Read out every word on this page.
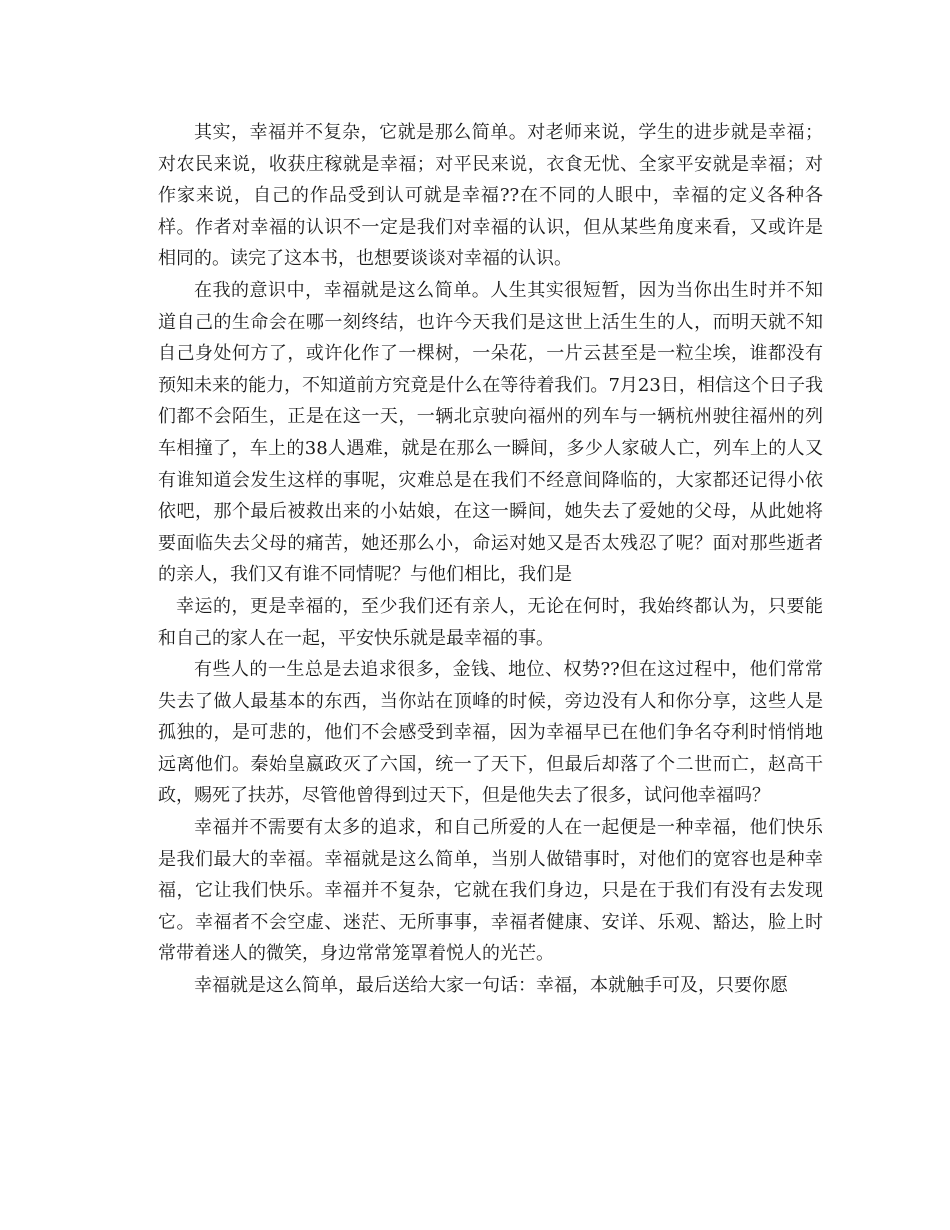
其实，幸福并不复杂，它就是那么简单。对老师来说，学生的进步就是幸福；对农民来说，收获庄稼就是幸福；对平民来说，衣食无忧、全家平安就是幸福；对作家来说，自己的作品受到认可就是幸福??在不同的人眼中，幸福的定义各种各样。作者对幸福的认识不一定是我们对幸福的认识，但从某些角度来看，又或许是相同的。读完了这本书，也想要谈谈对幸福的认识。

在我的意识中，幸福就是这么简单。人生其实很短暂，因为当你出生时并不知道自己的生命会在哪一刻终结，也许今天我们是这世上活生生的人，而明天就不知自己身处何方了，或许化作了一棵树，一朵花，一片云甚至是一粒尘埃，谁都没有预知未来的能力，不知道前方究竟是什么在等待着我们。7月23日，相信这个日子我们都不会陌生，正是在这一天，一辆北京驶向福州的列车与一辆杭州驶往福州的列车相撞了，车上的38人遇难，就是在那么一瞬间，多少人家破人亡，列车上的人又有谁知道会发生这样的事呢，灾难总是在我们不经意间降临的，大家都还记得小依依吧，那个最后被救出来的小姑娘，在这一瞬间，她失去了爱她的父母，从此她将要面临失去父母的痛苦，她还那么小，命运对她又是否太残忍了呢？面对那些逝者的亲人，我们又有谁不同情呢？与他们相比，我们是

幸运的，更是幸福的，至少我们还有亲人，无论在何时，我始终都认为，只要能和自己的家人在一起，平安快乐就是最幸福的事。

有些人的一生总是去追求很多，金钱、地位、权势??但在这过程中，他们常常失去了做人最基本的东西，当你站在顶峰的时候，旁边没有人和你分享，这些人是孤独的，是可悲的，他们不会感受到幸福，因为幸福早已在他们争名夺利时悄悄地远离他们。秦始皇嬴政灭了六国，统一了天下，但最后却落了个二世而亡，赵高干政，赐死了扶苏，尽管他曾得到过天下，但是他失去了很多，试问他幸福吗？

幸福并不需要有太多的追求，和自己所爱的人在一起便是一种幸福，他们快乐是我们最大的幸福。幸福就是这么简单，当别人做错事时，对他们的宽容也是种幸福，它让我们快乐。幸福并不复杂，它就在我们身边，只是在于我们有没有去发现它。幸福者不会空虚、迷茫、无所事事，幸福者健康、安详、乐观、豁达，脸上时常带着迷人的微笑，身边常常笼罩着悦人的光芒。

幸福就是这么简单，最后送给大家一句话：幸福，本就触手可及，只要你愿
